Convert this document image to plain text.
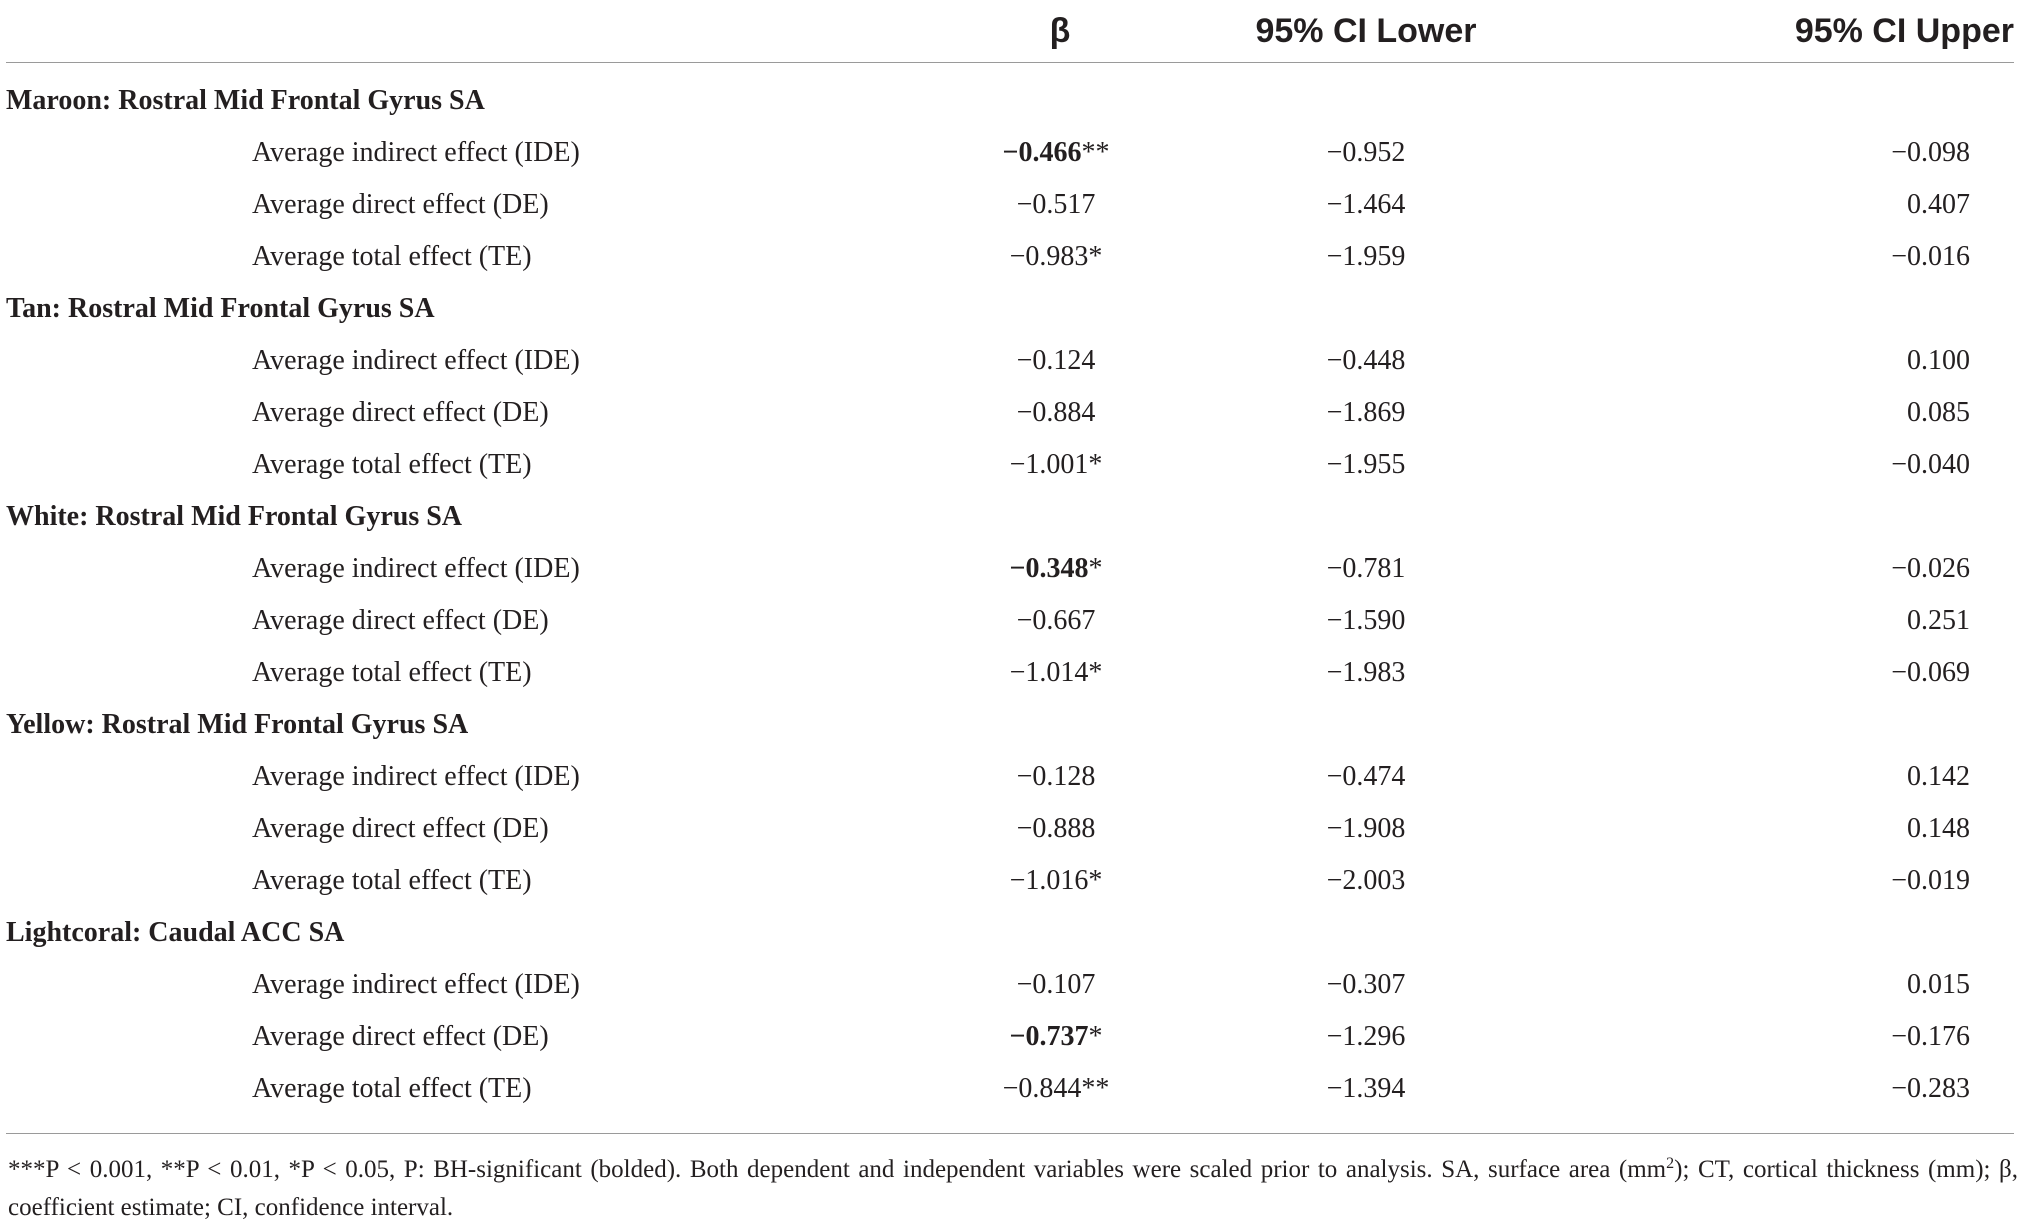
	β	95% CI Lower	95% CI Upper

Maroon: Rostral Mid Frontal Gyrus SA			
Average indirect effect (IDE)	−0.466**	−0.952	−0.098
Average direct effect (DE)	−0.517	−1.464	0.407
Average total effect (TE)	−0.983*	−1.959	−0.016
Tan: Rostral Mid Frontal Gyrus SA			
Average indirect effect (IDE)	−0.124	−0.448	0.100
Average direct effect (DE)	−0.884	−1.869	0.085
Average total effect (TE)	−1.001*	−1.955	−0.040
White: Rostral Mid Frontal Gyrus SA			
Average indirect effect (IDE)	−0.348*	−0.781	−0.026
Average direct effect (DE)	−0.667	−1.590	0.251
Average total effect (TE)	−1.014*	−1.983	−0.069
Yellow: Rostral Mid Frontal Gyrus SA			
Average indirect effect (IDE)	−0.128	−0.474	0.142
Average direct effect (DE)	−0.888	−1.908	0.148
Average total effect (TE)	−1.016*	−2.003	−0.019
Lightcoral: Caudal ACC SA			
Average indirect effect (IDE)	−0.107	−0.307	0.015
Average direct effect (DE)	−0.737*	−1.296	−0.176
Average total effect (TE)	−0.844**	−1.394	−0.283
***P < 0.001, **P < 0.01, *P < 0.05, P: BH-significant (bolded). Both dependent and independent variables were scaled prior to analysis. SA, surface area $(mm^2)$; CT, cortical thickness (mm); β, coefficient estimate; CI, confidence interval.
